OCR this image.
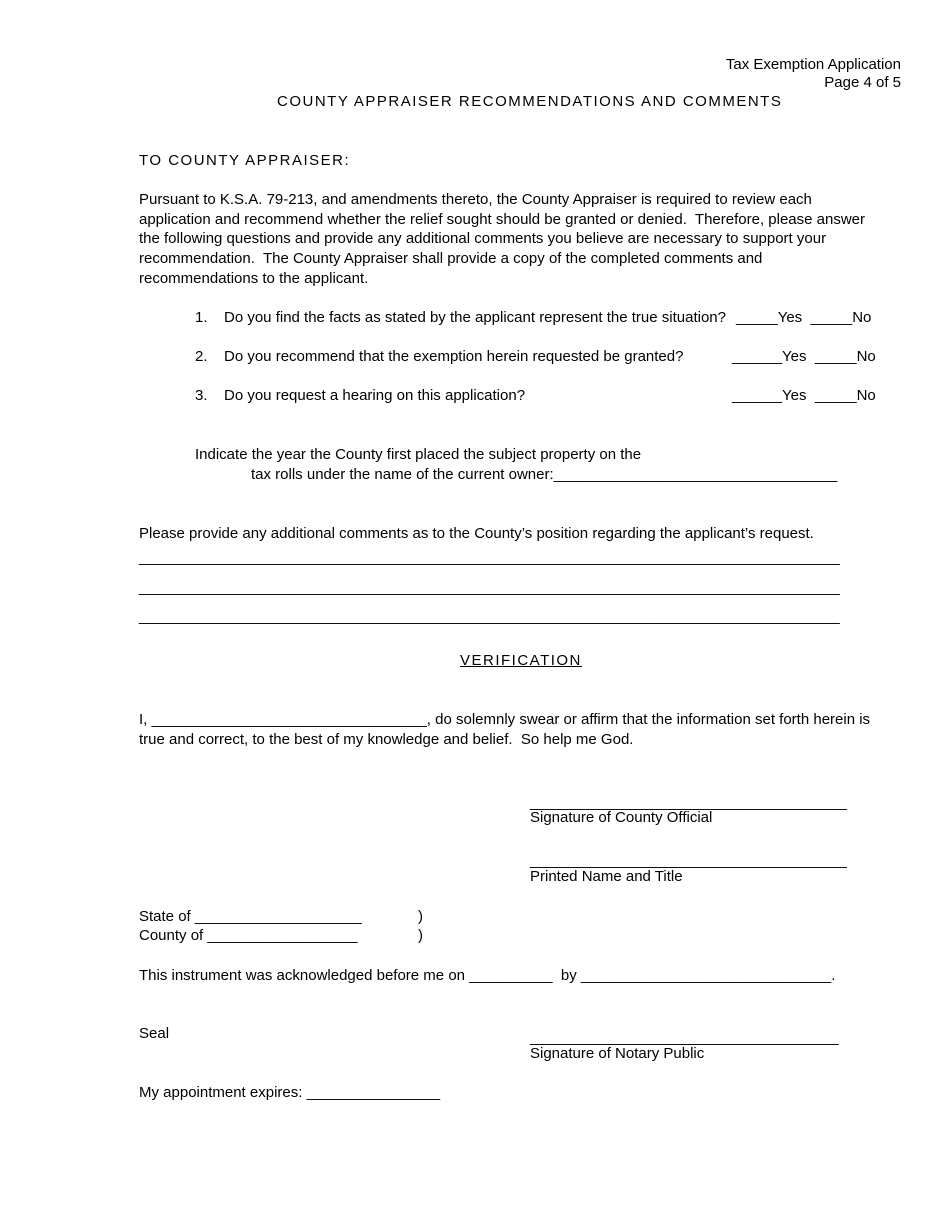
Tax Exemption Application
Page 4 of 5
COUNTY APPRAISER RECOMMENDATIONS AND COMMENTS
TO COUNTY APPRAISER:
Pursuant to K.S.A. 79-213, and amendments thereto, the County Appraiser is required to review each
application and recommend whether the relief sought should be granted or denied.  Therefore, please answer
the following questions and provide any additional comments you believe are necessary to support your
recommendation.  The County Appraiser shall provide a copy of the completed comments and
recommendations to the applicant.
1. Do you find the facts as stated by the applicant represent the true situation? _____Yes  _____No
2. Do you recommend that the exemption herein requested be granted?	______Yes  _____No
3. Do you request a hearing on this application?	______Yes  _____No
Indicate the year the County first placed the subject property on the
tax rolls under the name of the current owner:__________________________________
Please provide any additional comments as to the County’s position regarding the applicant’s request.
____________________________________________________________________________________
____________________________________________________________________________________
____________________________________________________________________________________
VERIFICATION
I, _________________________________, do solemnly swear or affirm that the information set forth herein is
true and correct, to the best of my knowledge and belief.  So help me God.
______________________________________
Signature of County Official
______________________________________
Printed Name and Title
State of ____________________	)
County of __________________	)
This instrument was acknowledged before me on __________  by ______________________________.
Seal	_____________________________________
Signature of Notary Public
My appointment expires: ________________
